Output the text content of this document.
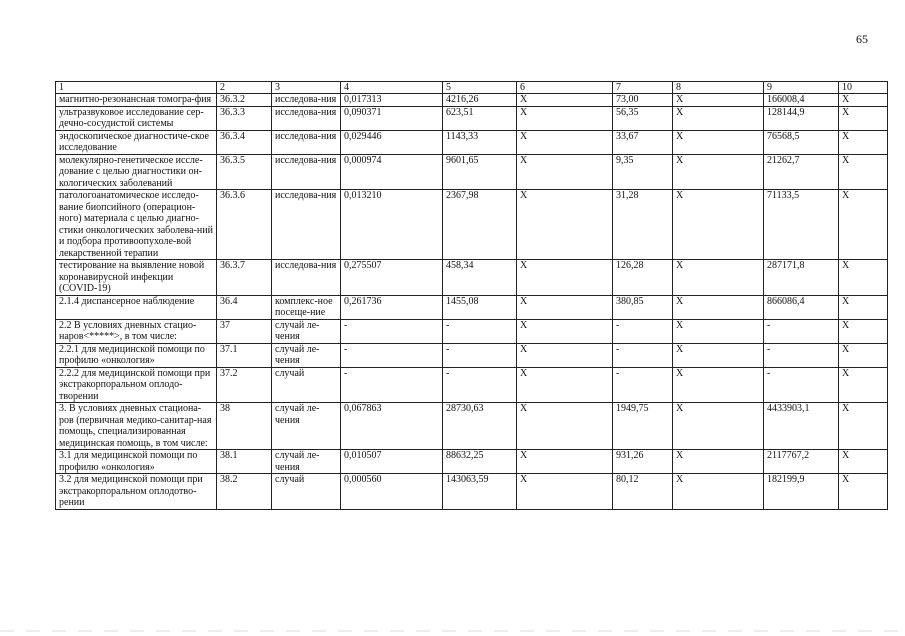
65
1	2	3	4	5	6	7	8	9	10
магнитно-резонансная томогра-фия	36.3.2	исследова-ния	0,017313	4216,26	X	73,00	X	166008,4	X
ультразвуковое исследование сер-дечно-сосудистой системы	36.3.3	исследова-ния	0,090371	623,51	X	56,35	X	128144,9	X
эндоскопическое диагностиче-ское исследование	36.3.4	исследова-ния	0,029446	1143,33	X	33,67	X	76568,5	X
молекулярно-генетическое иссле-дование с целью диагностики он-кологических заболеваний	36.3.5	исследова-ния	0,000974	9601,65	X	9,35	X	21262,7	X
патологоанатомическое исследо-вание биопсийного (операцион-ного) материала с целью диагно-стики онкологических заболева-ний и подбора противоопухоле-вой лекарственной терапии	36.3.6	исследова-ния	0,013210	2367,98	X	31,28	X	71133,5	X
тестирование на выявление новой коронавирусной инфекции (COVID-19)	36.3.7	исследова-ния	0,275507	458,34	X	126,28	X	287171,8	X
2.1.4 диспансерное наблюдение	36.4	комплекс-ное посеще-ние	0,261736	1455,08	X	380,85	X	866086,4	X
2.2 В условиях дневных стацио-наров<*****>, в том числе:	37	случай ле-чения	-	-	X	-	X	-	X
2.2.1 для медицинской помощи по профилю «онкология»	37.1	случай ле-чения	-	-	X	-	X	-	X
2.2.2 для медицинской помощи при экстракорпоральном оплодо-творении	37.2	случай	-	-	X	-	X	-	X
3. В условиях дневных стациона-ров (первичная медико-санитар-ная помощь, специализированная медицинская помощь, в том числе:	38	случай ле-чения	0,067863	28730,63	X	1949,75	X	4433903,1	X
3.1 для медицинской помощи по профилю «онкология»	38.1	случай ле-чения	0,010507	88632,25	X	931,26	X	2117767,2	X
3.2 для медицинской помощи при экстракорпоральном оплодотво-рении	38.2	случай	0,000560	143063,59	X	80,12	X	182199,9	X
